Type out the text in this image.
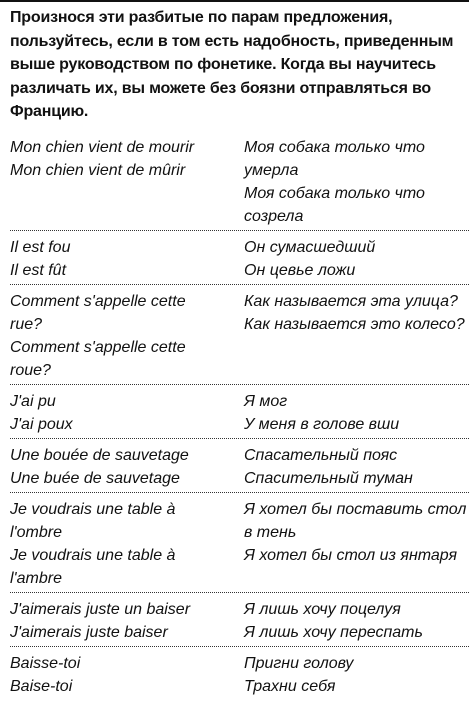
Произнося эти разбитые по парам предложения,
пользуйтесь, если в том есть надобность, приведенным
выше руководством по фонетике. Когда вы научитесь
различать их, вы можете без боязни отправляться во
Францию.
Mon chien vient de mourir
Mon chien vient de mûrir
Моя собака только что
умерла
Моя собака только что
созрела
Il est fou
Il est fût
Он сумасшедший
Он цевье ложи
Comment s'appelle cette
rue?
Comment s'appelle cette
roue?
Как называется эта улица?
Как называется это колесо?
J'ai pu
J'ai poux
Я мог
У меня в голове вши
Une bouée de sauvetage
Une buée de sauvetage
Спасательный пояс
Спасительный туман
Je voudrais une table à
l'ombre
Je voudrais une table à
l'ambre
Я хотел бы поставить стол
в тень
Я хотел бы стол из янтаря
J'aimerais juste un baiser
J'aimerais juste baiser
Я лишь хочу поцелуя
Я лишь хочу переспать
Baisse-toi
Baise-toi
Пригни голову
Трахни себя
